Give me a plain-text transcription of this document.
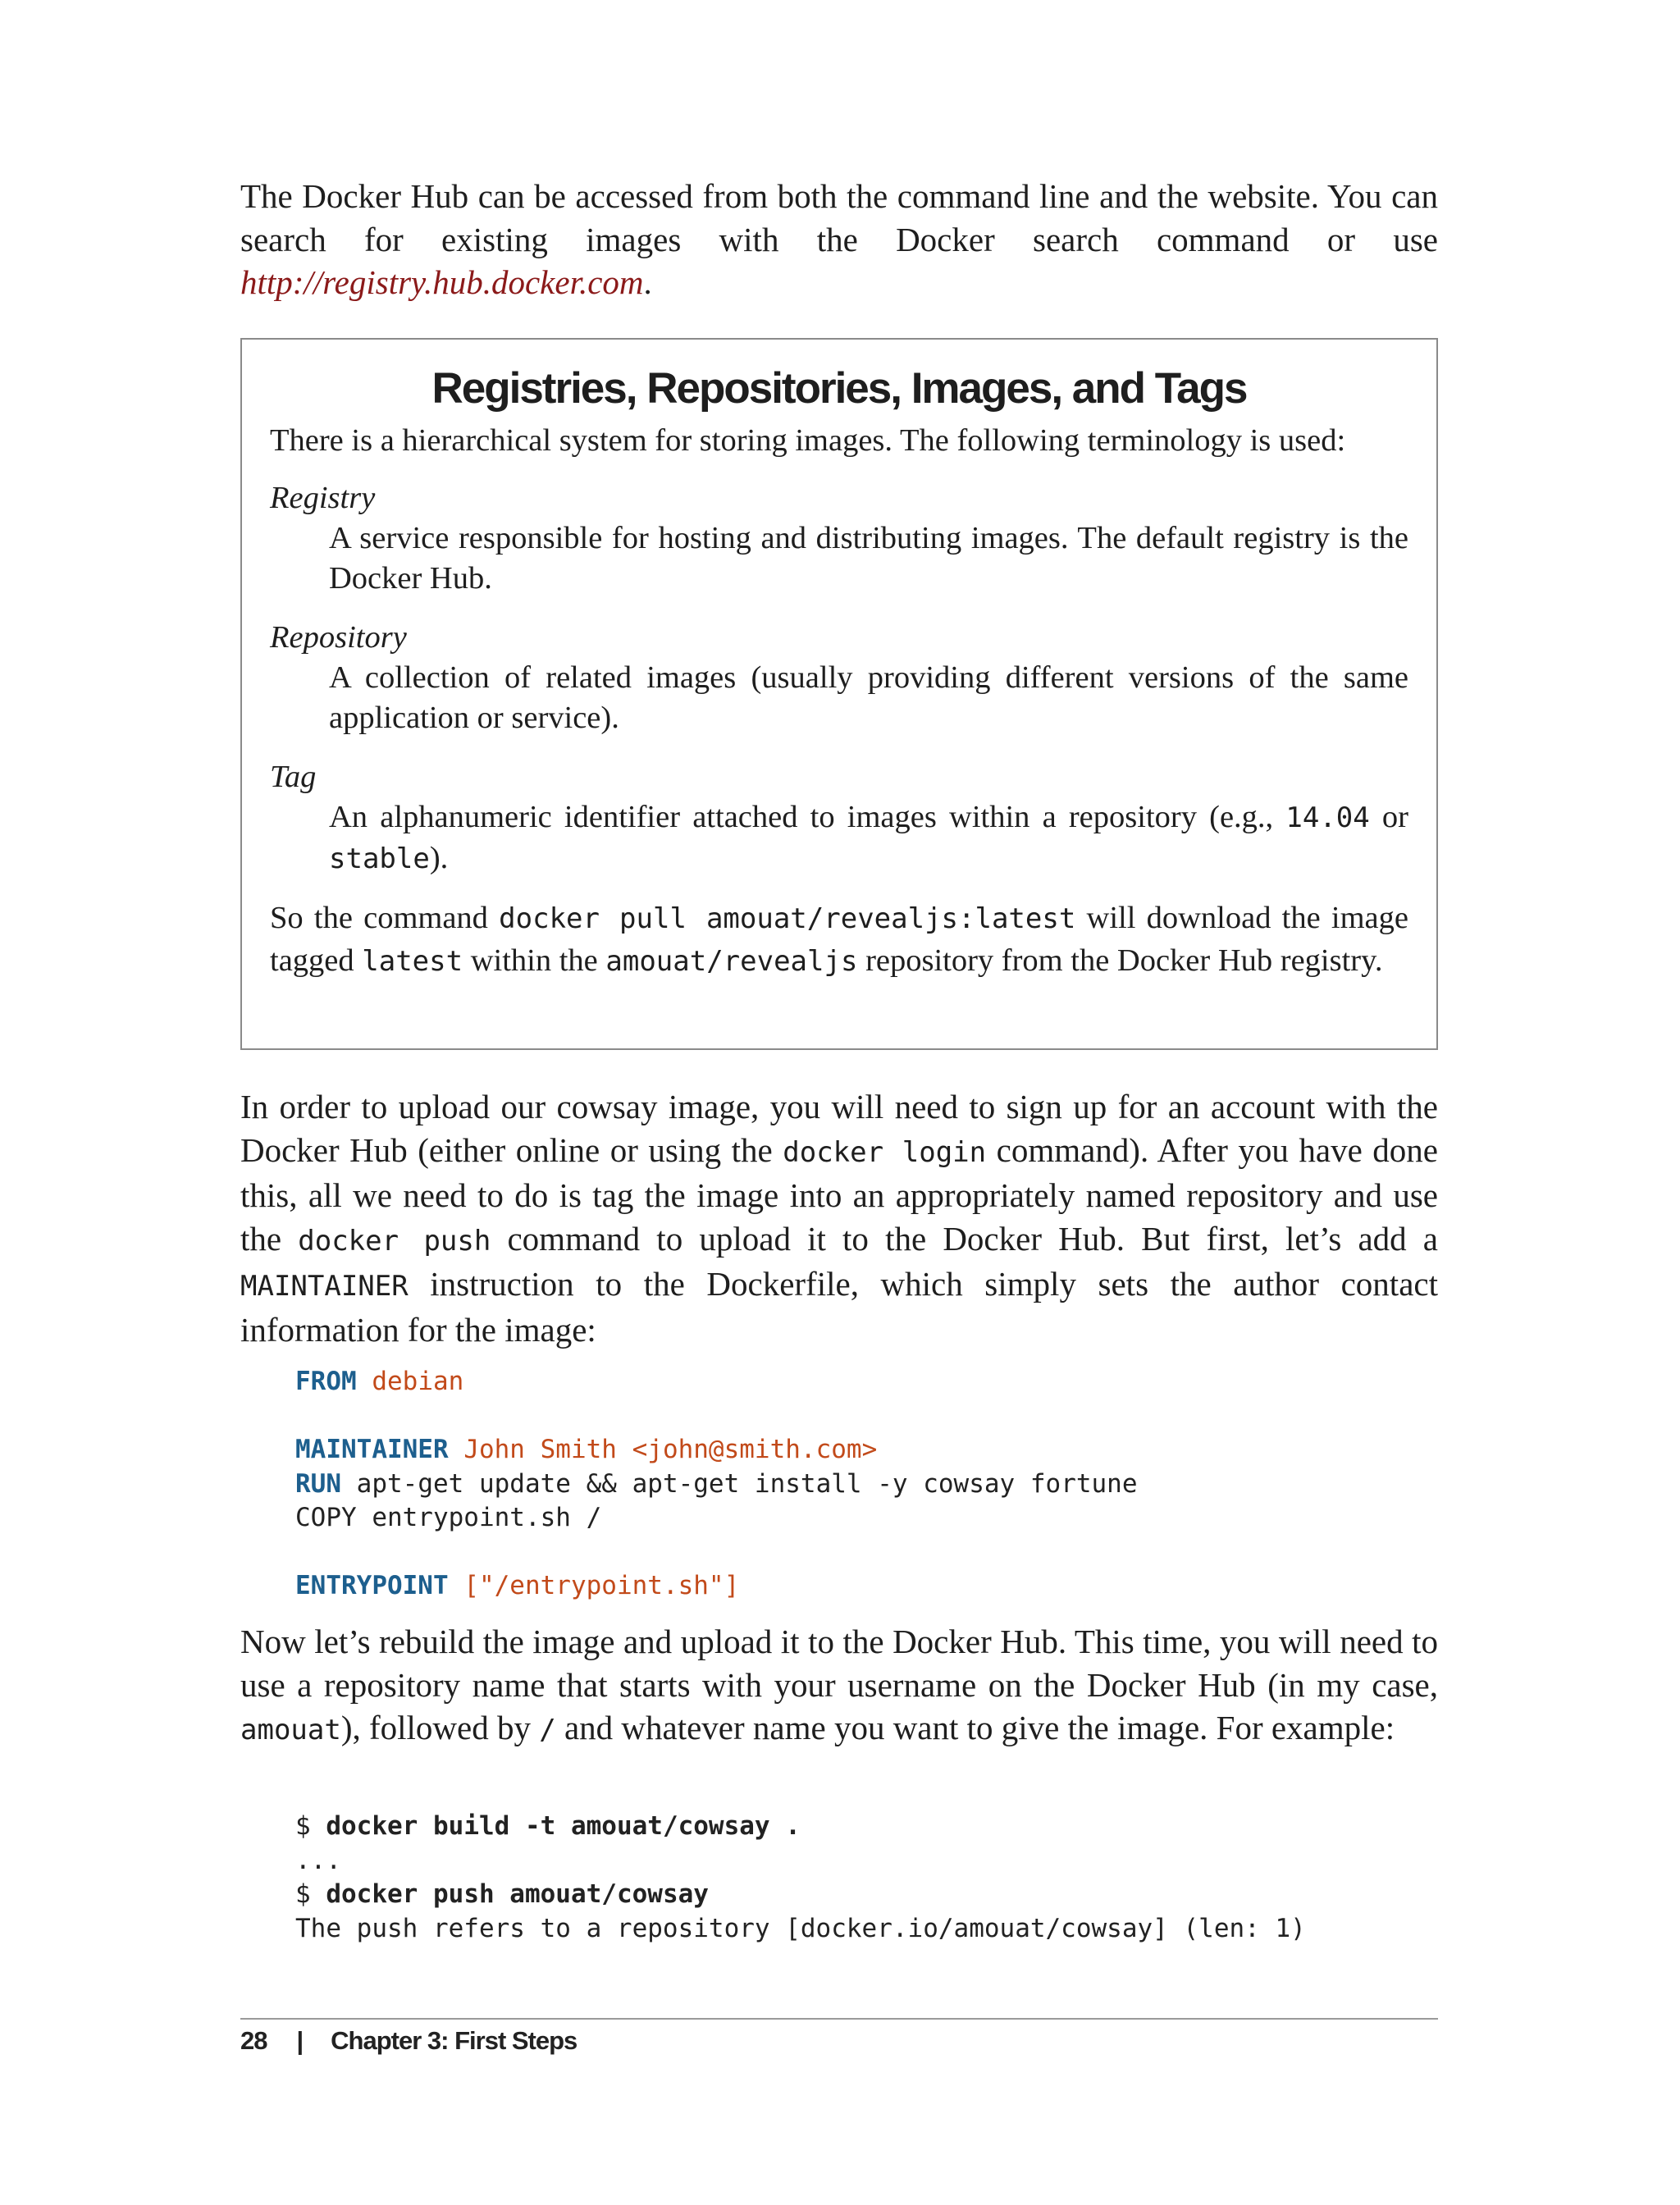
The Docker Hub can be accessed from both the command line and the website. You can search for existing images with the Docker search command or use http://registry.hub.docker.com.
Registries, Repositories, Images, and Tags

There is a hierarchical system for storing images. The following terminology is used:

Registry

A service responsible for hosting and distributing images. The default registry is the Docker Hub.

Repository

A collection of related images (usually providing different versions of the same application or service).

Tag

An alphanumeric identifier attached to images within a repository (e.g., 14.04 or stable).

So the command docker pull amouat/revealjs:latest will download the image tagged latest within the amouat/revealjs repository from the Docker Hub registry.

In order to upload our cowsay image, you will need to sign up for an account with the Docker Hub (either online or using the docker login command). After you have done this, all we need to do is tag the image into an appropriately named repository and use the docker push command to upload it to the Docker Hub. But first, let’s add a MAINTAINER instruction to the Dockerfile, which simply sets the author contact information for the image:
FROM debian
MAINTAINER John Smith <john@smith.com>
RUN apt-get update && apt-get install -y cowsay fortune
COPY entrypoint.sh /
ENTRYPOINT ["/entrypoint.sh"]
Now let’s rebuild the image and upload it to the Docker Hub. This time, you will need to use a repository name that starts with your username on the Docker Hub (in my case, amouat), followed by / and whatever name you want to give the image. For example:
$ docker build -t amouat/cowsay .
...
$ docker push amouat/cowsay
The push refers to a repository [docker.io/amouat/cowsay] (len: 1)
28 | Chapter 3: First Steps
